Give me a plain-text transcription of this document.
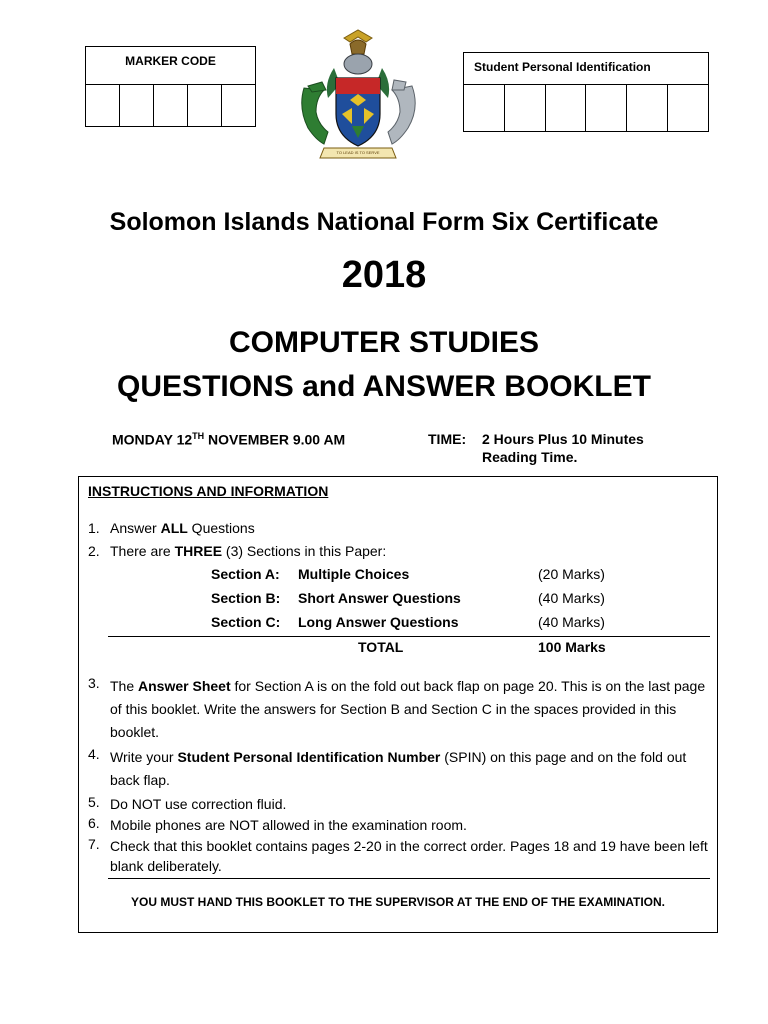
MARKER CODE
TO LEAD IS TO SERVE
Student Personal Identification
Solomon Islands National Form Six Certificate
2018
COMPUTER STUDIES
QUESTIONS and ANSWER BOOKLET
MONDAY 12TH NOVEMBER 9.00 AM	TIME: 2 Hours Plus 10 Minutes
Reading Time.
INSTRUCTIONS AND INFORMATION
1. Answer ALL Questions
2. There are THREE (3) Sections in this Paper:
Section A: Multiple Choices	(20 Marks)
Section B: Short Answer Questions	(40 Marks)
Section C: Long Answer Questions	(40 Marks)
TOTAL	100 Marks
3. The Answer Sheet for Section A is on the fold out back flap on page 20. This is on the last page of this booklet. Write the answers for Section B and Section C in the spaces provided in this booklet.
4. Write your Student Personal Identification Number (SPIN) on this page and on the fold out back flap.
5. Do NOT use correction fluid.
6. Mobile phones are NOT allowed in the examination room.
7. Check that this booklet contains pages 2-20 in the correct order. Pages 18 and 19 have been left blank deliberately.
YOU MUST HAND THIS BOOKLET TO THE SUPERVISOR AT THE END OF THE EXAMINATION.
